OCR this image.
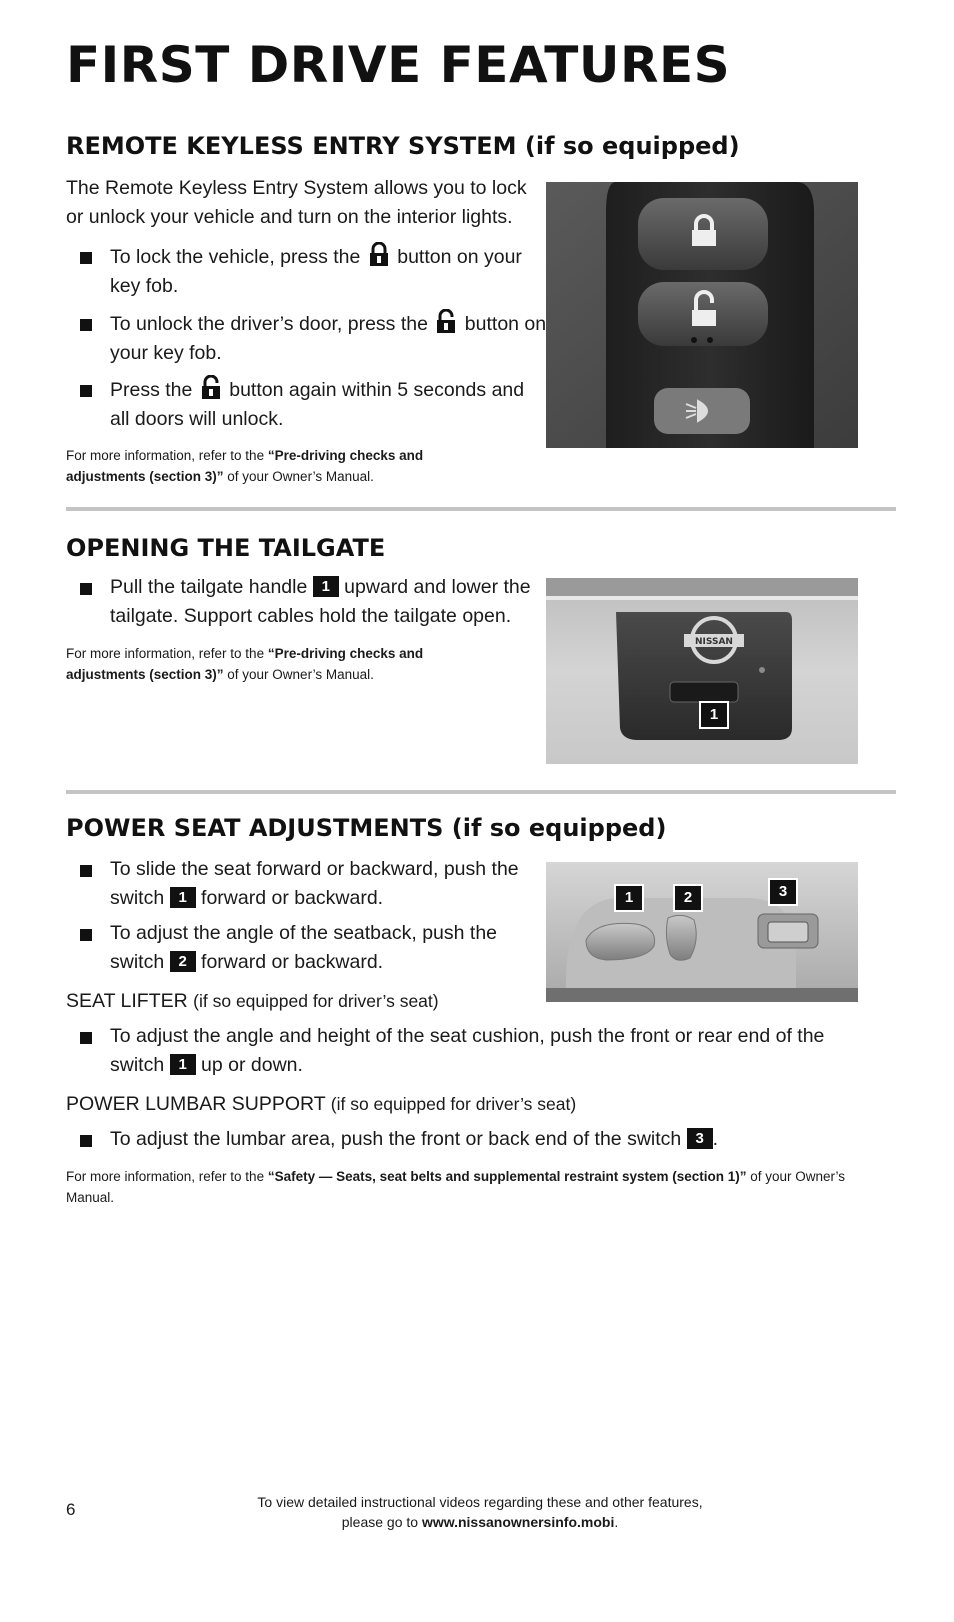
FIRST DRIVE FEATURES
REMOTE KEYLESS ENTRY SYSTEM (if so equipped)

The Remote Keyless Entry System allows you to lock or unlock your vehicle and turn on the interior lights.

To lock the vehicle, press the button on your key fob.
To unlock the driver’s door, press the button on your key fob.
Press the button again within 5 seconds and all doors will unlock.

For more information, refer to the “Pre-driving checks and adjustments (section 3)” of your Owner’s Manual.

OPENING THE TAILGATE
Pull the tailgate handle 1 upward and lower the tailgate. Support cables hold the tailgate open.

For more information, refer to the “Pre-driving checks and adjustments (section 3)” of your Owner’s Manual.

NISSAN
1
POWER SEAT ADJUSTMENTS (if so equipped)
To slide the seat forward or backward, push the switch 1 forward or backward.
To adjust the angle of the seatback, push the switch 2 forward or backward.

SEAT LIFTER (if so equipped for driver’s seat)

To adjust the angle and height of the seat cushion, push the front or rear end of the switch 1 up or down.

POWER LUMBAR SUPPORT (if so equipped for driver’s seat)

To adjust the lumbar area, push the front or back end of the switch 3 .

For more information, refer to the “Safety — Seats, seat belts and supplemental restraint system (section 1)” of your Owner’s Manual.

1	2	3
6	To view detailed instructional videos regarding these and other features,
please go to www.nissanownersinfo.mobi.
